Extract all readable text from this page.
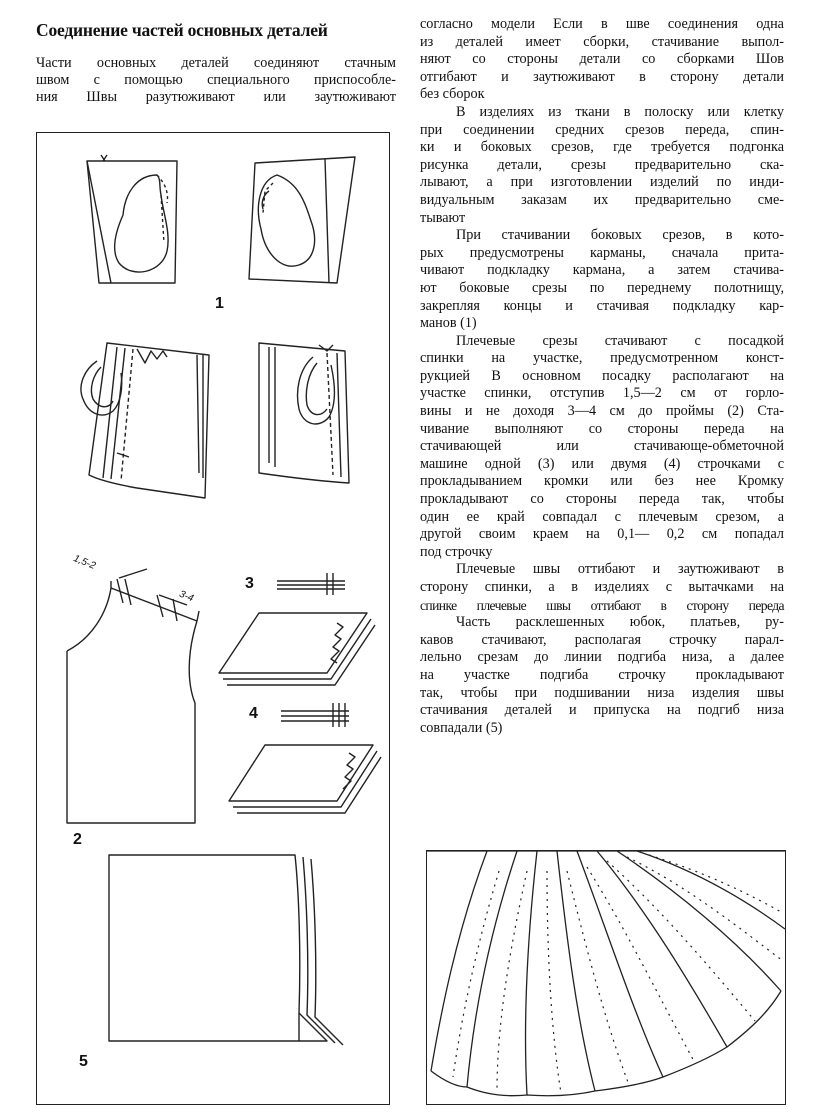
Соединение частей основных деталей

Части основных деталей соединяют стачным
швом с помощью специального приспособле-
ния Швы разутюживают или заутюживают

1
2
3
4
5
1,5-2
3-4
согласно модели Если в шве соединения одна
из деталей имеет сборки, стачивание выпол-
няют со стороны детали со сборками Шов
отгибают и заутюживают в сторону детали
без сборок
В изделиях из ткани в полоску или клетку
при соединении средних срезов переда, спин-
ки и боковых срезов, где требуется подгонка
рисунка детали, срезы предварительно ска-
лывают, а при изготовлении изделий по инди-
видуальным заказам их предварительно сме-
тывают
При стачивании боковых срезов, в кото-
рых предусмотрены карманы, сначала прита-
чивают подкладку кармана, а затем стачива-
ют боковые срезы по переднему полотнищу,
закрепляя концы и стачивая подкладку кар-
манов (1)
Плечевые срезы стачивают с посадкой
спинки на участке, предусмотренном конст-
рукцией В основном посадку располагают на
участке спинки, отступив 1,5—2 см от горло-
вины и не доходя 3—4 см до проймы (2) Ста-
чивание выполняют со стороны переда на
стачивающей или стачивающе-обметочной
машине одной (3) или двумя (4) строчками с
прокладыванием кромки или без нее Кромку
прокладывают со стороны переда так, чтобы
один ее край совпадал с плечевым срезом, а
другой своим краем на 0,1— 0,2 см попадал
под строчку
Плечевые швы оттибают и заутюживают в
сторону спинки, а в изделиях с вытачками на
спинке плечевые швы оттибают в сторону переда
Часть расклешенных юбок, платьев, ру-
кавов стачивают, располагая строчку парал-
лельно срезам до линии подгиба низа, а далее
на участке подгиба строчку прокладывают
так, чтобы при подшивании низа изделия швы
стачивания деталей и припуска на подгиб низа
совпадали (5)
